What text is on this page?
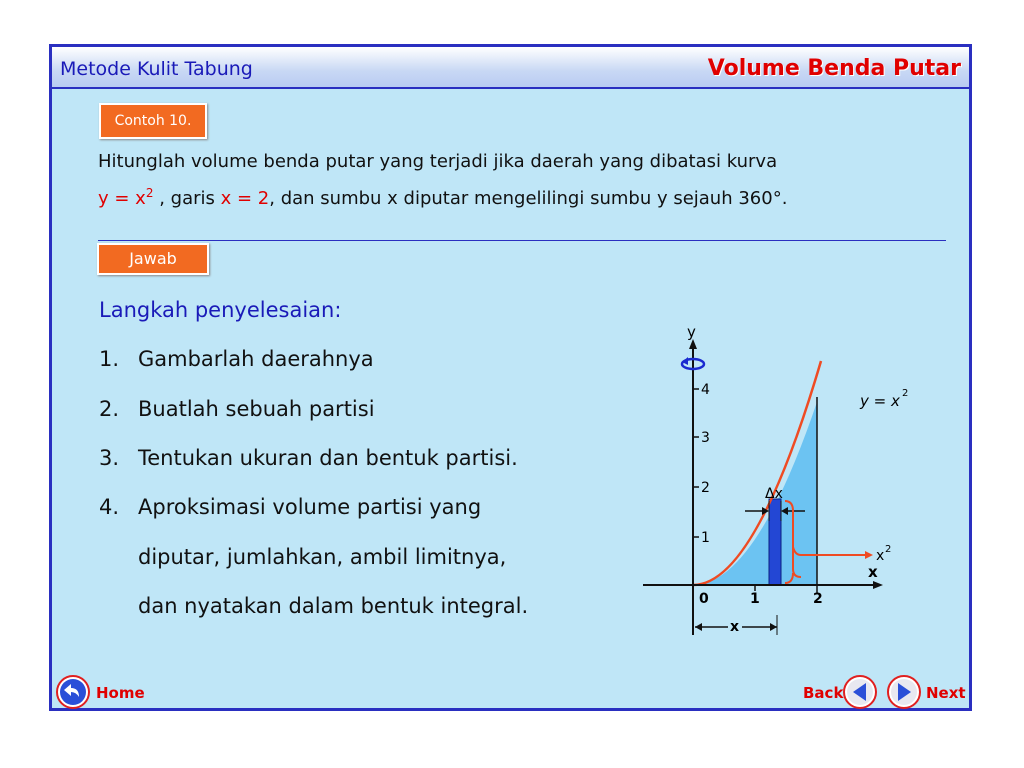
Metode Kulit Tabung	Volume Benda Putar
Contoh 10.
Hitunglah volume benda putar yang terjadi jika daerah yang dibatasi kurva
$y = x^2$ , garis x = 2, dan sumbu x diputar mengelilingi sumbu y sejauh 360°.
Jawab
Langkah penyelesaian:
1. Gambarlah daerahnya
2. Buatlah sebuah partisi
3. Tentukan ukuran dan bentuk partisi.
4. Aproksimasi volume partisi yang
diputar, jumlahkan, ambil limitnya,
dan nyatakan dalam bentuk integral.
y
x
1
2
3
4
0	1	2
y = x 2
Δx
x 2
x
Home	Back	Next
